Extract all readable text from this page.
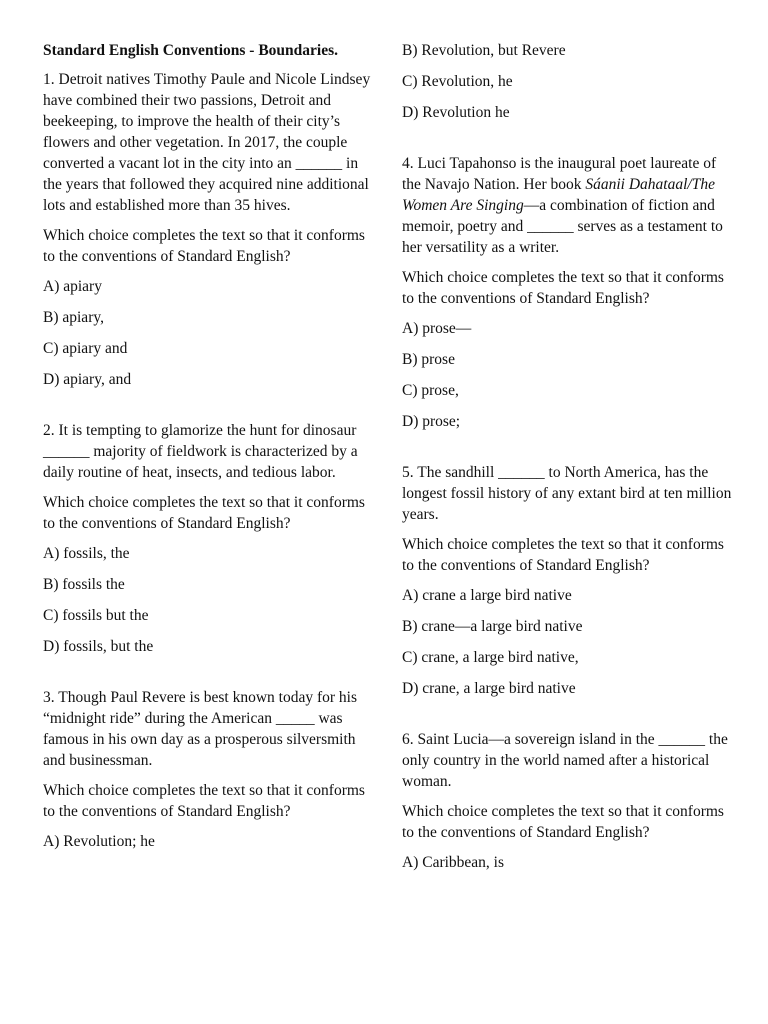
Standard English Conventions - Boundaries.
1. Detroit natives Timothy Paule and Nicole Lindsey have combined their two passions, Detroit and beekeeping, to improve the health of their city’s flowers and other vegetation. In 2017, the couple converted a vacant lot in the city into an ______ in the years that followed they acquired nine additional lots and established more than 35 hives.
Which choice completes the text so that it conforms to the conventions of Standard English?
A) apiary
B) apiary,
C) apiary and
D) apiary, and
2. It is tempting to glamorize the hunt for dinosaur ______ majority of fieldwork is characterized by a daily routine of heat, insects, and tedious labor.
Which choice completes the text so that it conforms to the conventions of Standard English?
A) fossils, the
B) fossils the
C) fossils but the
D) fossils, but the
3. Though Paul Revere is best known today for his “midnight ride” during the American _____ was famous in his own day as a prosperous silversmith and businessman.
Which choice completes the text so that it conforms to the conventions of Standard English?
A) Revolution; he
B) Revolution, but Revere
C) Revolution, he
D) Revolution he
4. Luci Tapahonso is the inaugural poet laureate of the Navajo Nation. Her book Sáanii Dahataal/The Women Are Singing—a combination of fiction and memoir, poetry and ______ serves as a testament to her versatility as a writer.
Which choice completes the text so that it conforms to the conventions of Standard English?
A) prose—
B) prose
C) prose,
D) prose;
5. The sandhill ______ to North America, has the longest fossil history of any extant bird at ten million years.
Which choice completes the text so that it conforms to the conventions of Standard English?
A) crane a large bird native
B) crane—a large bird native
C) crane, a large bird native,
D) crane, a large bird native
6. Saint Lucia—a sovereign island in the ______ the only country in the world named after a historical woman.
Which choice completes the text so that it conforms to the conventions of Standard English?
A) Caribbean, is
